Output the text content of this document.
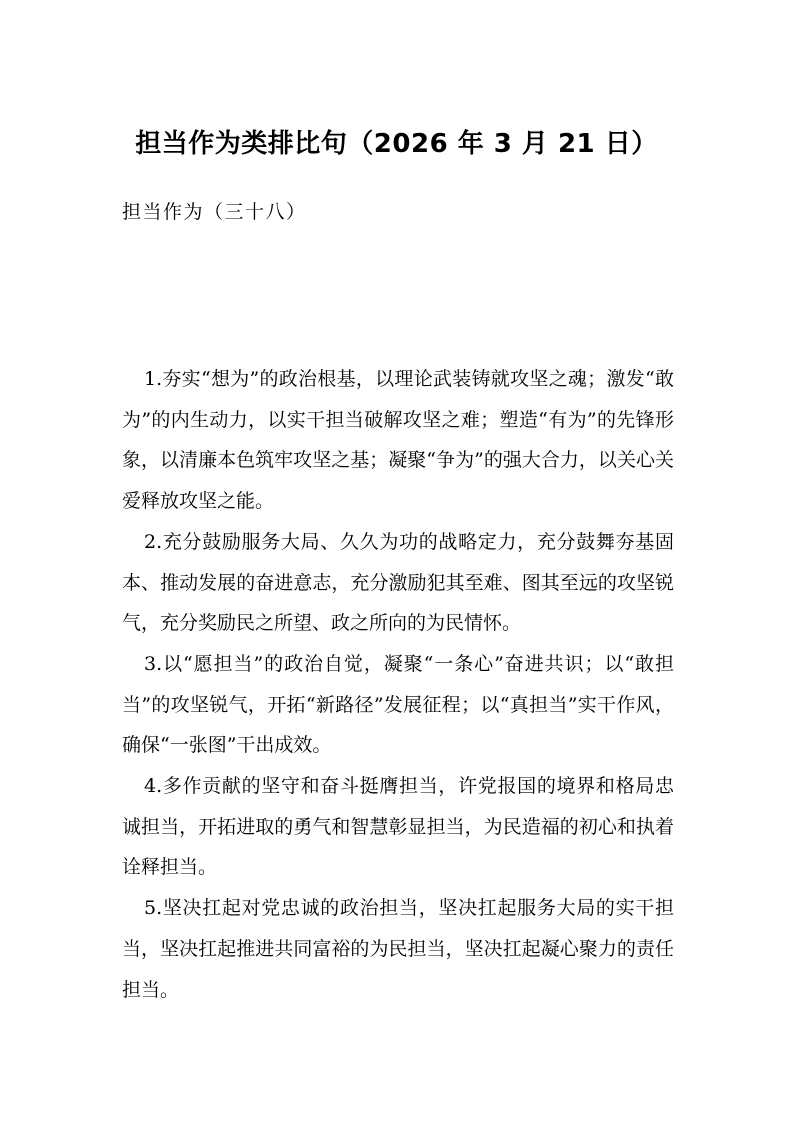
担当作为类排比句（2026 年 3 月 21 日）
担当作为（三十八）

1.夯实“想为”的政治根基，以理论武装铸就攻坚之魂；激发“敢为”的内生动力，以实干担当破解攻坚之难；塑造“有为”的先锋形象，以清廉本色筑牢攻坚之基；凝聚“争为”的强大合力，以关心关爱释放攻坚之能。

2.充分鼓励服务大局、久久为功的战略定力，充分鼓舞夯基固本、推动发展的奋进意志，充分激励犯其至难、图其至远的攻坚锐气，充分奖励民之所望、政之所向的为民情怀。

3.以“愿担当”的政治自觉，凝聚“一条心”奋进共识；以“敢担当”的攻坚锐气，开拓“新路径”发展征程；以“真担当”实干作风，确保“一张图”干出成效。

4.多作贡献的坚守和奋斗挺膺担当，许党报国的境界和格局忠诚担当，开拓进取的勇气和智慧彰显担当，为民造福的初心和执着诠释担当。

5.坚决扛起对党忠诚的政治担当，坚决扛起服务大局的实干担当，坚决扛起推进共同富裕的为民担当，坚决扛起凝心聚力的责任担当。
